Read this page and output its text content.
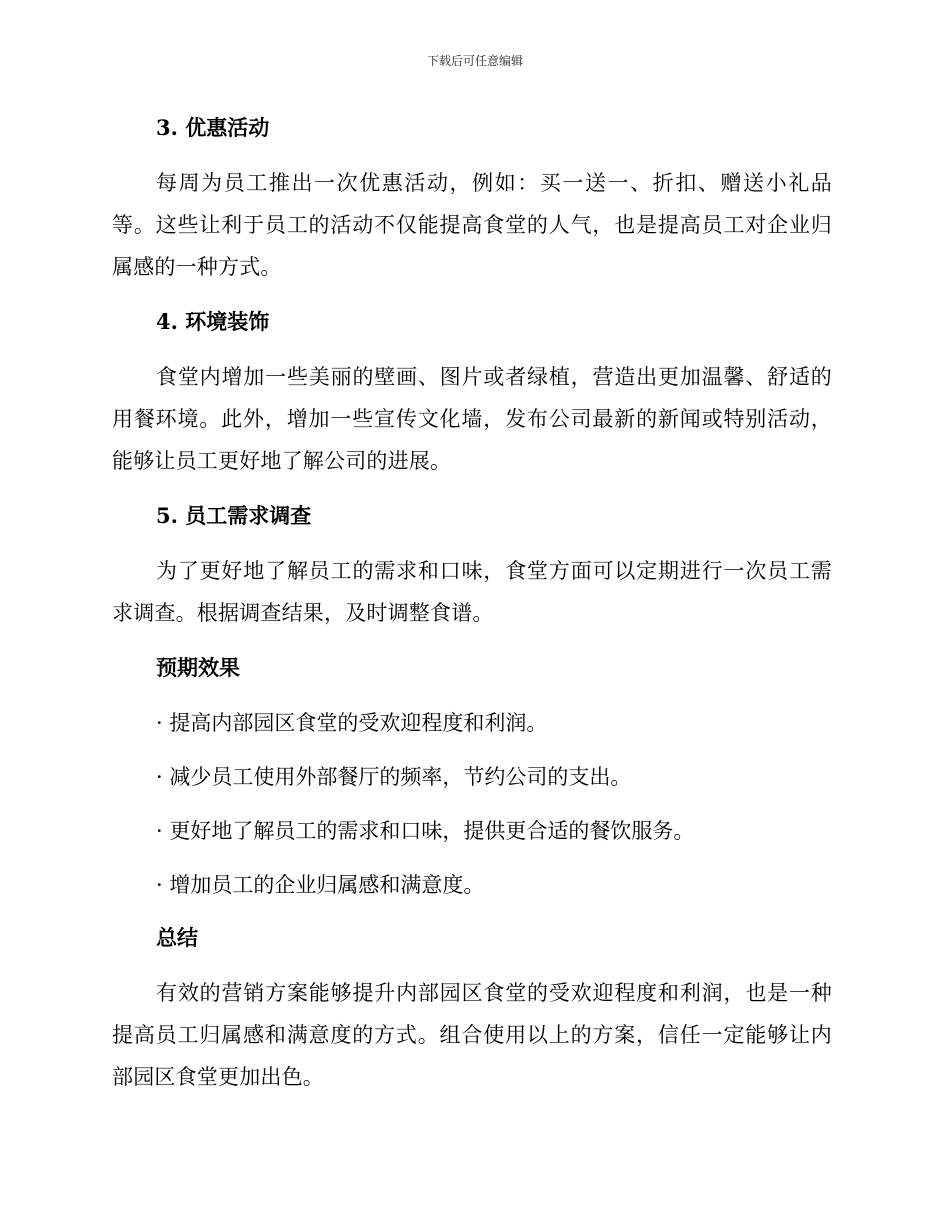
下载后可任意编辑
3. 优惠活动

每周为员工推出一次优惠活动，例如：买一送一、折扣、赠送小礼品等。这些让利于员工的活动不仅能提高食堂的人气，也是提高员工对企业归属感的一种方式。

4. 环境装饰

食堂内增加一些美丽的壁画、图片或者绿植，营造出更加温馨、舒适的用餐环境。此外，增加一些宣传文化墙，发布公司最新的新闻或特别活动，能够让员工更好地了解公司的进展。

5. 员工需求调查

为了更好地了解员工的需求和口味，食堂方面可以定期进行一次员工需求调查。根据调查结果，及时调整食谱。

预期效果
· 提高内部园区食堂的受欢迎程度和利润。
· 减少员工使用外部餐厅的频率，节约公司的支出。
· 更好地了解员工的需求和口味，提供更合适的餐饮服务。
· 增加员工的企业归属感和满意度。
总结

有效的营销方案能够提升内部园区食堂的受欢迎程度和利润，也是一种提高员工归属感和满意度的方式。组合使用以上的方案，信任一定能够让内部园区食堂更加出色。
